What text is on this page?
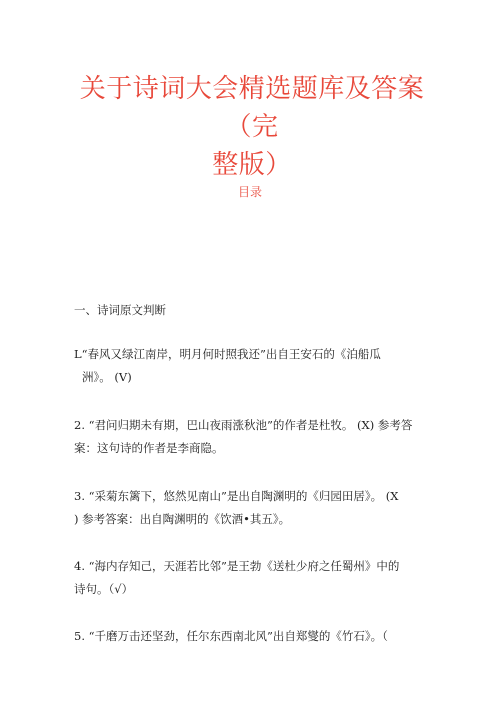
关于诗词大会精选题库及答案（完
整版）
目录
一、诗词原文判断
L“春风又绿江南岸，明月何时照我还”出自王安石的《泊船瓜
洲》。 (V)
2. “君问归期未有期，巴山夜雨涨秋池”的作者是杜牧。 (X) 参考答
案：这句诗的作者是李商隐。
3. “采菊东篱下，悠然见南山”是出自陶渊明的《归园田居》。 (X
) 参考答案：出自陶渊明的《饮酒•其五》。
4. “海内存知己，天涯若比邻”是王勃《送杜少府之任蜀州》中的
诗句。（√）
5. “千磨万击还坚劲，任尔东西南北风”出自郑燮的《竹石》。（
